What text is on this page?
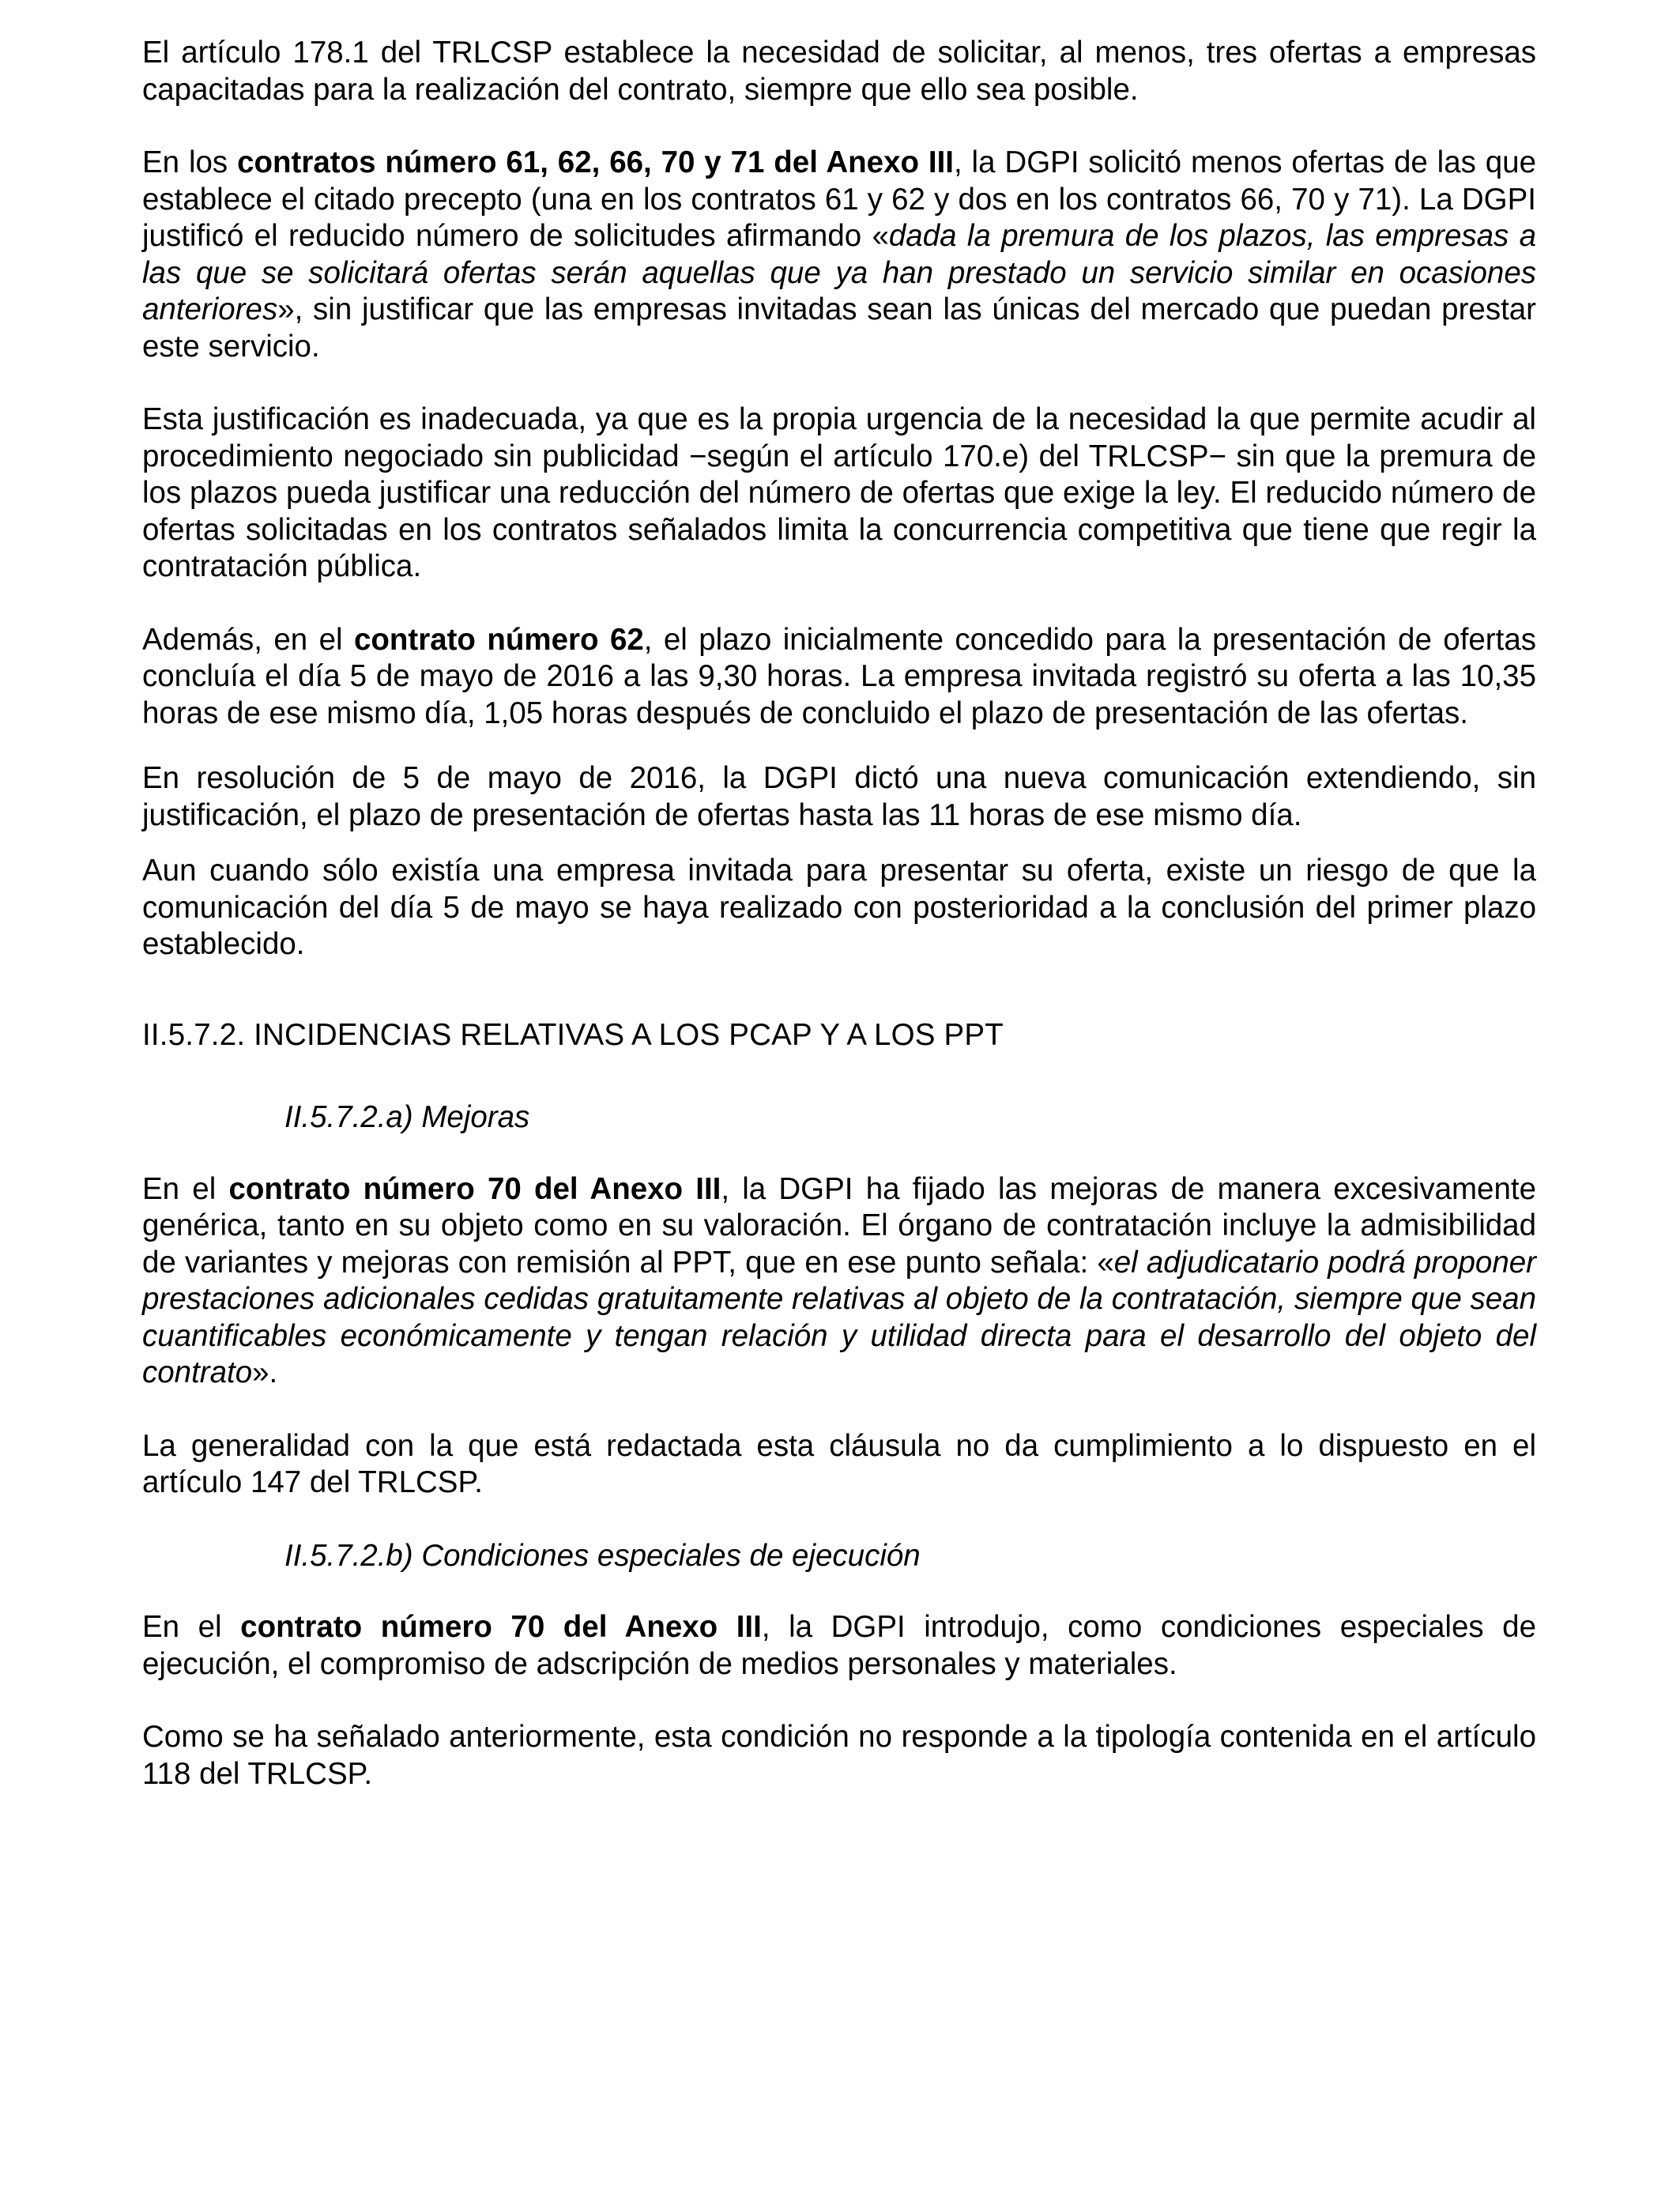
El artículo 178.1 del TRLCSP establece la necesidad de solicitar, al menos, tres ofertas a empresas capacitadas para la realización del contrato, siempre que ello sea posible.

En los contratos número 61, 62, 66, 70 y 71 del Anexo III, la DGPI solicitó menos ofertas de las que establece el citado precepto (una en los contratos 61 y 62 y dos en los contratos 66, 70 y 71). La DGPI justificó el reducido número de solicitudes afirmando «dada la premura de los plazos, las empresas a las que se solicitará ofertas serán aquellas que ya han prestado un servicio similar en ocasiones anteriores», sin justificar que las empresas invitadas sean las únicas del mercado que puedan prestar este servicio.

Esta justificación es inadecuada, ya que es la propia urgencia de la necesidad la que permite acudir al procedimiento negociado sin publicidad −según el artículo 170.e) del TRLCSP− sin que la premura de los plazos pueda justificar una reducción del número de ofertas que exige la ley. El reducido número de ofertas solicitadas en los contratos señalados limita la concurrencia competitiva que tiene que regir la contratación pública.

Además, en el contrato número 62, el plazo inicialmente concedido para la presentación de ofertas concluía el día 5 de mayo de 2016 a las 9,30 horas. La empresa invitada registró su oferta a las 10,35 horas de ese mismo día, 1,05 horas después de concluido el plazo de presentación de las ofertas.

En resolución de 5 de mayo de 2016, la DGPI dictó una nueva comunicación extendiendo, sin justificación, el plazo de presentación de ofertas hasta las 11 horas de ese mismo día.

Aun cuando sólo existía una empresa invitada para presentar su oferta, existe un riesgo de que la comunicación del día 5 de mayo se haya realizado con posterioridad a la conclusión del primer plazo establecido.

II.5.7.2. INCIDENCIAS RELATIVAS A LOS PCAP Y A LOS PPT

II.5.7.2.a) Mejoras

En el contrato número 70 del Anexo III, la DGPI ha fijado las mejoras de manera excesivamente genérica, tanto en su objeto como en su valoración. El órgano de contratación incluye la admisibilidad de variantes y mejoras con remisión al PPT, que en ese punto señala: «el adjudicatario podrá proponer prestaciones adicionales cedidas gratuitamente relativas al objeto de la contratación, siempre que sean cuantificables económicamente y tengan relación y utilidad directa para el desarrollo del objeto del contrato».

La generalidad con la que está redactada esta cláusula no da cumplimiento a lo dispuesto en el artículo 147 del TRLCSP.

II.5.7.2.b) Condiciones especiales de ejecución

En el contrato número 70 del Anexo III, la DGPI introdujo, como condiciones especiales de ejecución, el compromiso de adscripción de medios personales y materiales.

Como se ha señalado anteriormente, esta condición no responde a la tipología contenida en el artículo 118 del TRLCSP.
